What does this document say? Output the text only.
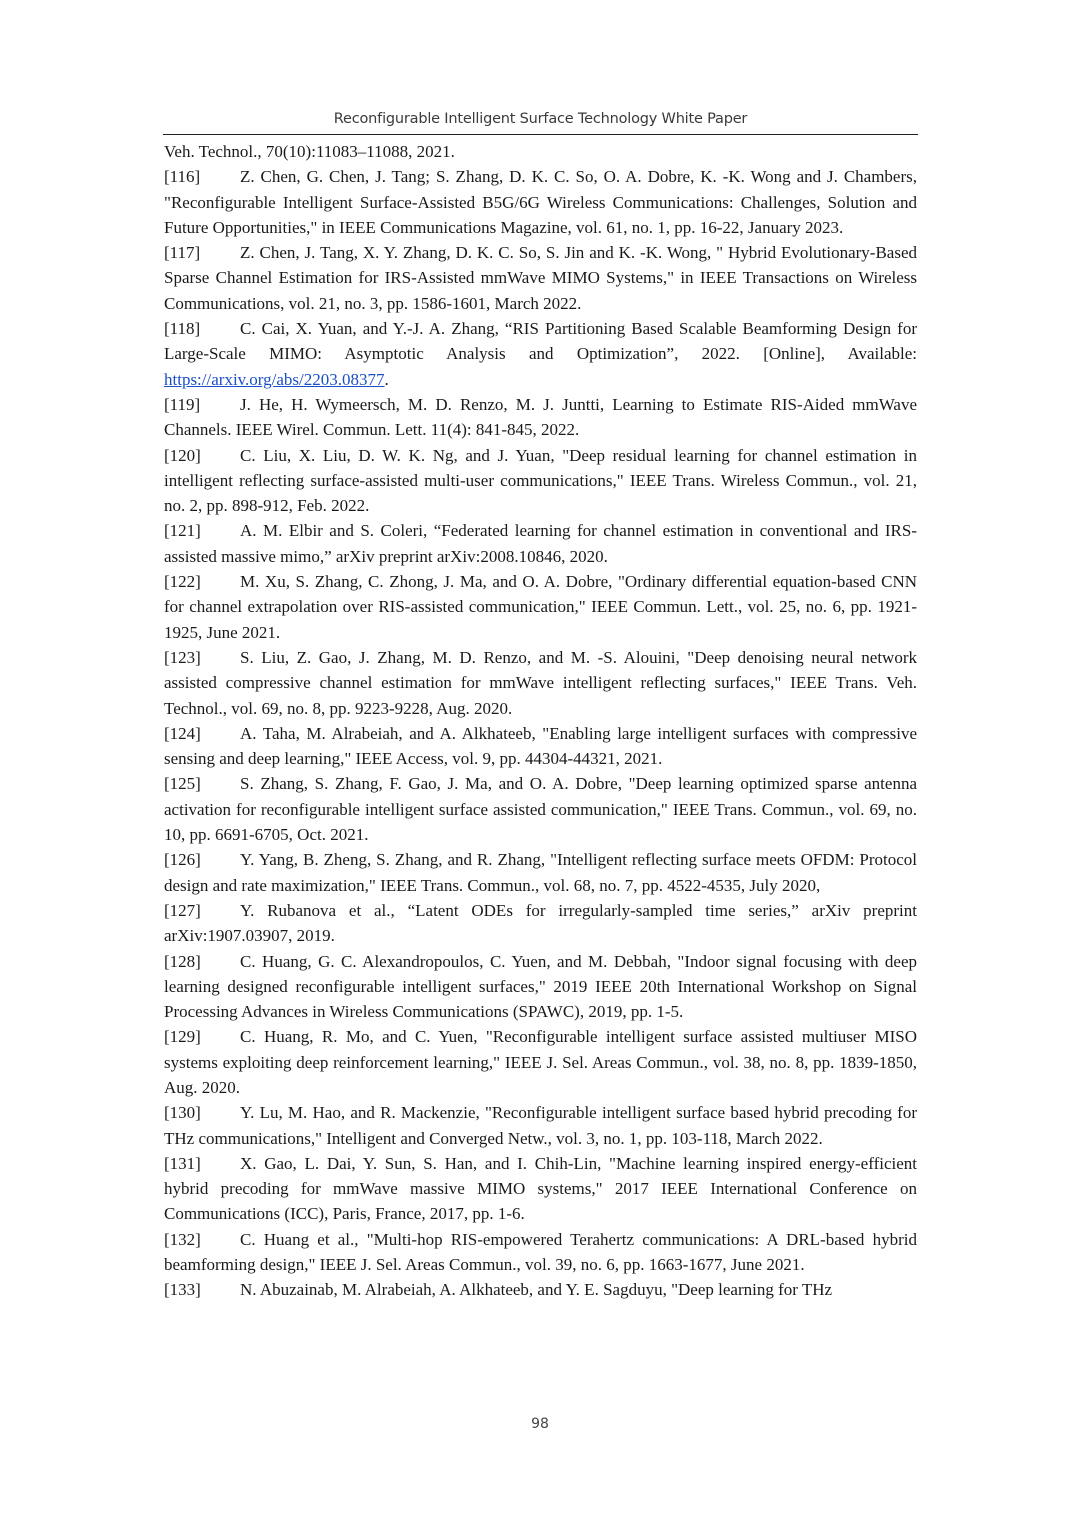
Reconfigurable Intelligent Surface Technology White Paper

Veh. Technol., 70(10):11083–11088, 2021.

[116] Z. Chen, G. Chen, J. Tang; S. Zhang, D. K. C. So, O. A. Dobre, K. -K. Wong and J. Chambers, "Reconfigurable Intelligent Surface-Assisted B5G/6G Wireless Communications: Challenges, Solution and Future Opportunities," in IEEE Communications Magazine, vol. 61, no. 1, pp. 16-22, January 2023.

[117] Z. Chen, J. Tang, X. Y. Zhang, D. K. C. So, S. Jin and K. -K. Wong, " Hybrid Evolutionary-Based Sparse Channel Estimation for IRS-Assisted mmWave MIMO Systems," in IEEE Transactions on Wireless Communications, vol. 21, no. 3, pp. 1586-1601, March 2022.

[118] C. Cai, X. Yuan, and Y.-J. A. Zhang, “RIS Partitioning Based Scalable Beamforming Design for Large-Scale MIMO: Asymptotic Analysis and Optimization”, 2022. [Online], Available: https://arxiv.org/abs/2203.08377.

[119] J. He, H. Wymeersch, M. D. Renzo, M. J. Juntti, Learning to Estimate RIS-Aided mmWave Channels. IEEE Wirel. Commun. Lett. 11(4): 841-845, 2022.

[120] C. Liu, X. Liu, D. W. K. Ng, and J. Yuan, "Deep residual learning for channel estimation in intelligent reflecting surface-assisted multi-user communications," IEEE Trans. Wireless Commun., vol. 21, no. 2, pp. 898-912, Feb. 2022.

[121] A. M. Elbir and S. Coleri, “Federated learning for channel estimation in conventional and IRS-assisted massive mimo,” arXiv preprint arXiv:2008.10846, 2020.

[122] M. Xu, S. Zhang, C. Zhong, J. Ma, and O. A. Dobre, "Ordinary differential equation-based CNN for channel extrapolation over RIS-assisted communication," IEEE Commun. Lett., vol. 25, no. 6, pp. 1921-1925, June 2021.

[123] S. Liu, Z. Gao, J. Zhang, M. D. Renzo, and M. -S. Alouini, "Deep denoising neural network assisted compressive channel estimation for mmWave intelligent reflecting surfaces," IEEE Trans. Veh. Technol., vol. 69, no. 8, pp. 9223-9228, Aug. 2020.

[124] A. Taha, M. Alrabeiah, and A. Alkhateeb, "Enabling large intelligent surfaces with compressive sensing and deep learning," IEEE Access, vol. 9, pp. 44304-44321, 2021.

[125] S. Zhang, S. Zhang, F. Gao, J. Ma, and O. A. Dobre, "Deep learning optimized sparse antenna activation for reconfigurable intelligent surface assisted communication," IEEE Trans. Commun., vol. 69, no. 10, pp. 6691-6705, Oct. 2021.

[126] Y. Yang, B. Zheng, S. Zhang, and R. Zhang, "Intelligent reflecting surface meets OFDM: Protocol design and rate maximization," IEEE Trans. Commun., vol. 68, no. 7, pp. 4522-4535, July 2020,

[127] Y. Rubanova et al., “Latent ODEs for irregularly-sampled time series,” arXiv preprint arXiv:1907.03907, 2019.

[128] C. Huang, G. C. Alexandropoulos, C. Yuen, and M. Debbah, "Indoor signal focusing with deep learning designed reconfigurable intelligent surfaces," 2019 IEEE 20th International Workshop on Signal Processing Advances in Wireless Communications (SPAWC), 2019, pp. 1-5.

[129] C. Huang, R. Mo, and C. Yuen, "Reconfigurable intelligent surface assisted multiuser MISO systems exploiting deep reinforcement learning," IEEE J. Sel. Areas Commun., vol. 38, no. 8, pp. 1839-1850, Aug. 2020.

[130] Y. Lu, M. Hao, and R. Mackenzie, "Reconfigurable intelligent surface based hybrid precoding for THz communications," Intelligent and Converged Netw., vol. 3, no. 1, pp. 103-118, March 2022.

[131] X. Gao, L. Dai, Y. Sun, S. Han, and I. Chih-Lin, "Machine learning inspired energy-efficient hybrid precoding for mmWave massive MIMO systems," 2017 IEEE International Conference on Communications (ICC), Paris, France, 2017, pp. 1-6.

[132] C. Huang et al., "Multi-hop RIS-empowered Terahertz communications: A DRL-based hybrid beamforming design," IEEE J. Sel. Areas Commun., vol. 39, no. 6, pp. 1663-1677, June 2021.

[133] N. Abuzainab, M. Alrabeiah, A. Alkhateeb, and Y. E. Sagduyu, "Deep learning for THz

98
